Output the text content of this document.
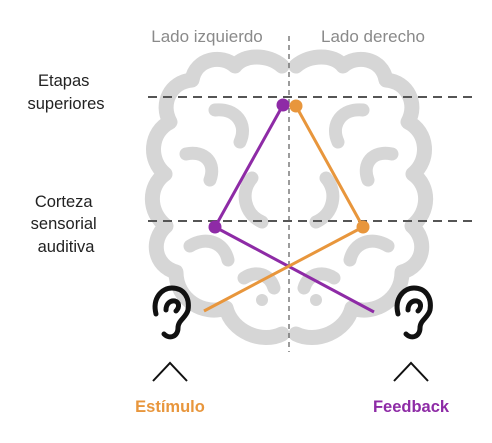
Lado izquierdo	Lado derecho
Etapas superiores
Corteza sensorial auditiva
Estímulo	Feedback
